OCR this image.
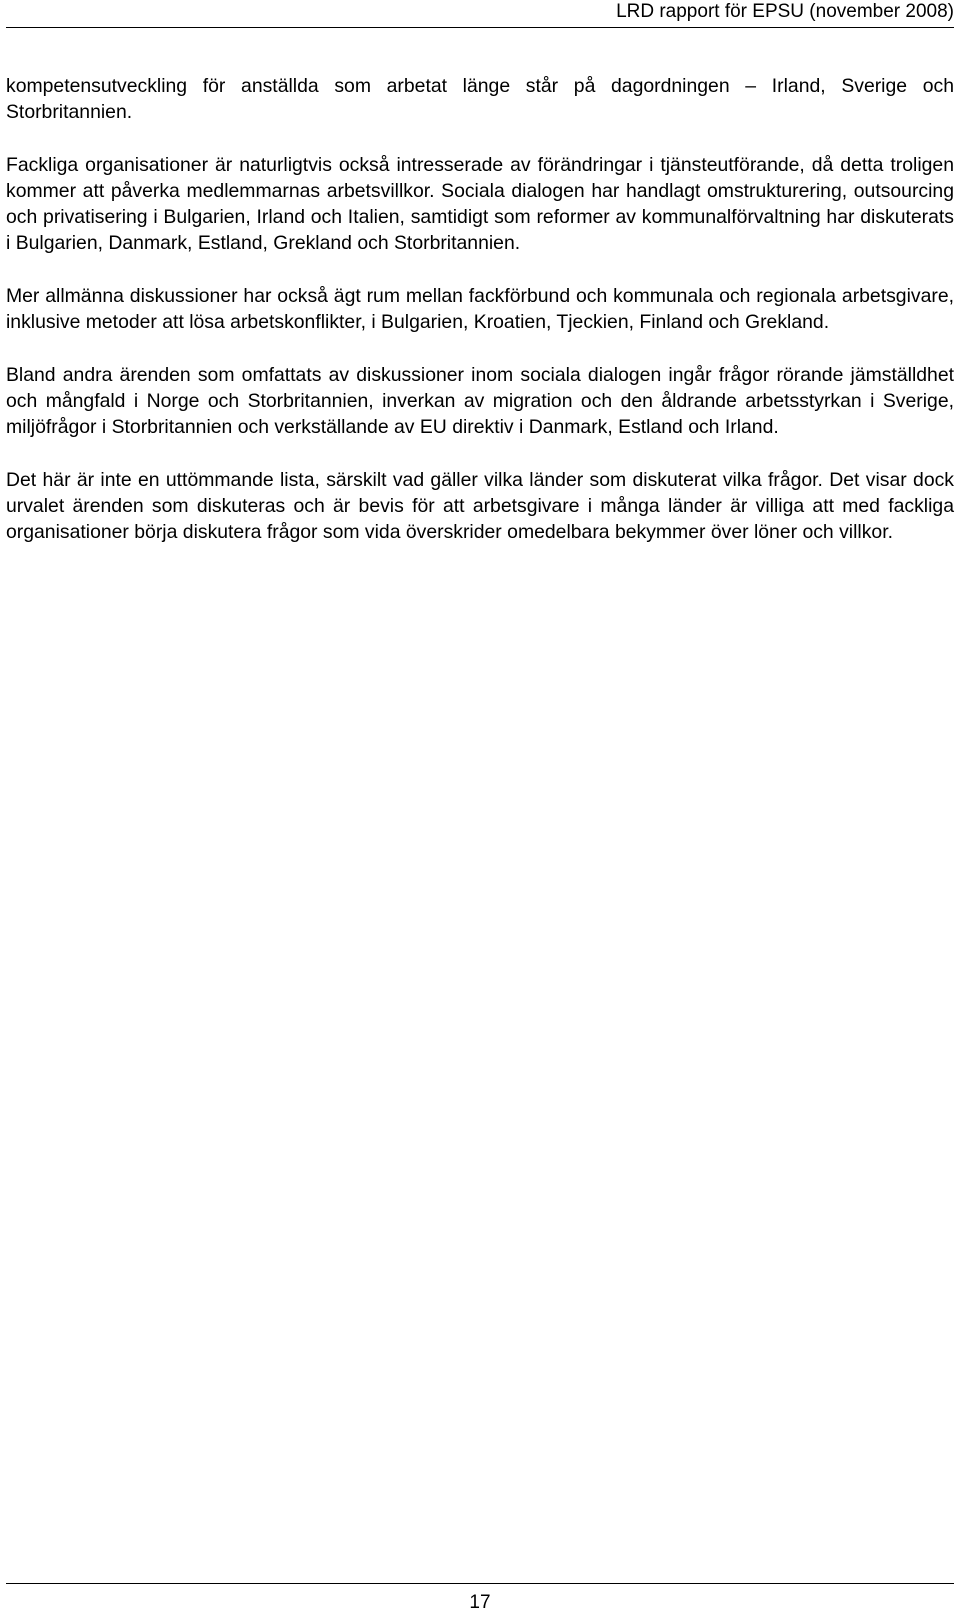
LRD rapport för EPSU (november 2008)

kompetensutveckling för anställda som arbetat länge står på dagordningen – Irland, Sverige och Storbritannien.

Fackliga organisationer är naturligtvis också intresserade av förändringar i tjänsteutförande, då detta troligen kommer att påverka medlemmarnas arbetsvillkor. Sociala dialogen har handlagt omstrukturering, outsourcing och privatisering i Bulgarien, Irland och Italien, samtidigt som reformer av kommunalförvaltning har diskuterats i Bulgarien, Danmark, Estland, Grekland och Storbritannien.

Mer allmänna diskussioner har också ägt rum mellan fackförbund och kommunala och regionala arbetsgivare, inklusive metoder att lösa arbetskonflikter, i Bulgarien, Kroatien, Tjeckien, Finland och Grekland.

Bland andra ärenden som omfattats av diskussioner inom sociala dialogen ingår frågor rörande jämställdhet och mångfald i Norge och Storbritannien, inverkan av migration och den åldrande arbetsstyrkan i Sverige, miljöfrågor i Storbritannien och verkställande av EU direktiv i Danmark, Estland och Irland.

Det här är inte en uttömmande lista, särskilt vad gäller vilka länder som diskuterat vilka frågor. Det visar dock urvalet ärenden som diskuteras och är bevis för att arbetsgivare i många länder är villiga att med fackliga organisationer börja diskutera frågor som vida överskrider omedelbara bekymmer över löner och villkor.

17
